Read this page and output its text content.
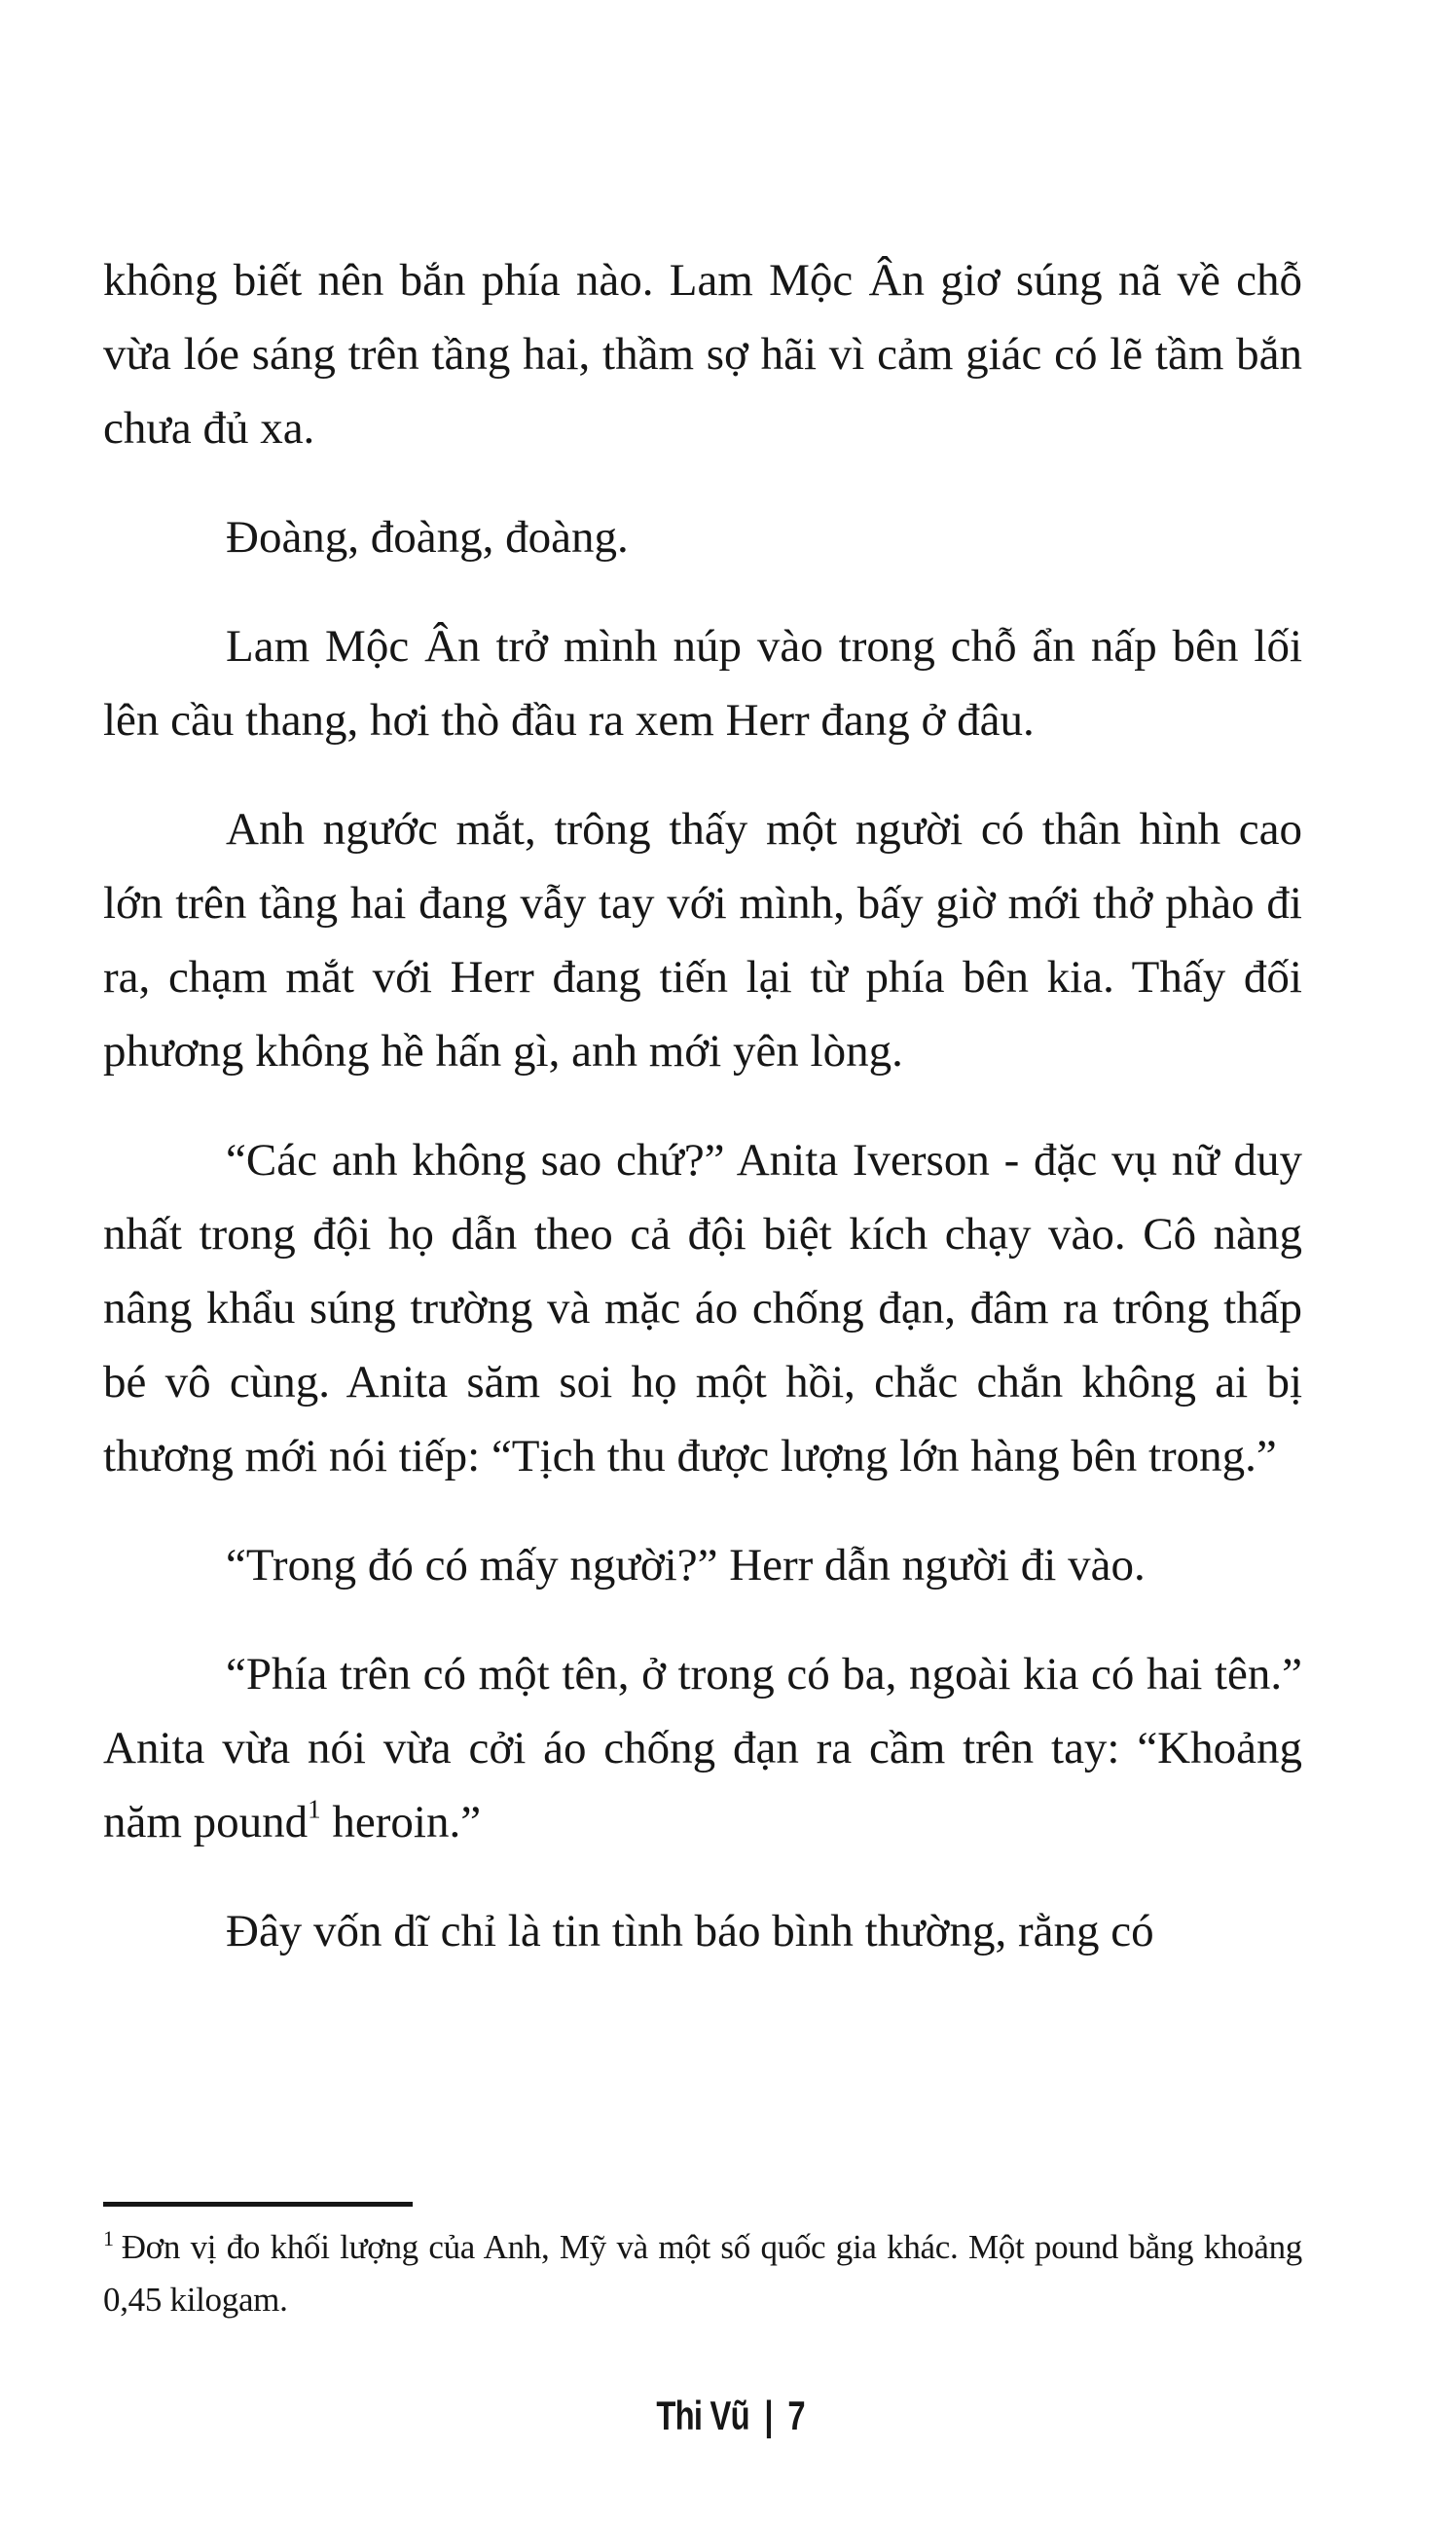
không biết nên bắn phía nào. Lam Mộc Ân giơ súng nã về chỗ vừa lóe sáng trên tầng hai, thầm sợ hãi vì cảm giác có lẽ tầm bắn chưa đủ xa.

Đoàng, đoàng, đoàng.

Lam Mộc Ân trở mình núp vào trong chỗ ẩn nấp bên lối lên cầu thang, hơi thò đầu ra xem Herr đang ở đâu.

Anh ngước mắt, trông thấy một người có thân hình cao lớn trên tầng hai đang vẫy tay với mình, bấy giờ mới thở phào đi ra, chạm mắt với Herr đang tiến lại từ phía bên kia. Thấy đối phương không hề hấn gì, anh mới yên lòng.

“Các anh không sao chứ?” Anita Iverson - đặc vụ nữ duy nhất trong đội họ dẫn theo cả đội biệt kích chạy vào. Cô nàng nâng khẩu súng trường và mặc áo chống đạn, đâm ra trông thấp bé vô cùng. Anita săm soi họ một hồi, chắc chắn không ai bị thương mới nói tiếp: “Tịch thu được lượng lớn hàng bên trong.”

“Trong đó có mấy người?” Herr dẫn người đi vào.

“Phía trên có một tên, ở trong có ba, ngoài kia có hai tên.” Anita vừa nói vừa cởi áo chống đạn ra cầm trên tay: “Khoảng năm pound$^1$ heroin.”

Đây vốn dĩ chỉ là tin tình báo bình thường, rằng có

$^1$ Đơn vị đo khối lượng của Anh, Mỹ và một số quốc gia khác. Một pound bằng khoảng 0,45 kilogam.

Thi Vũ | 7
